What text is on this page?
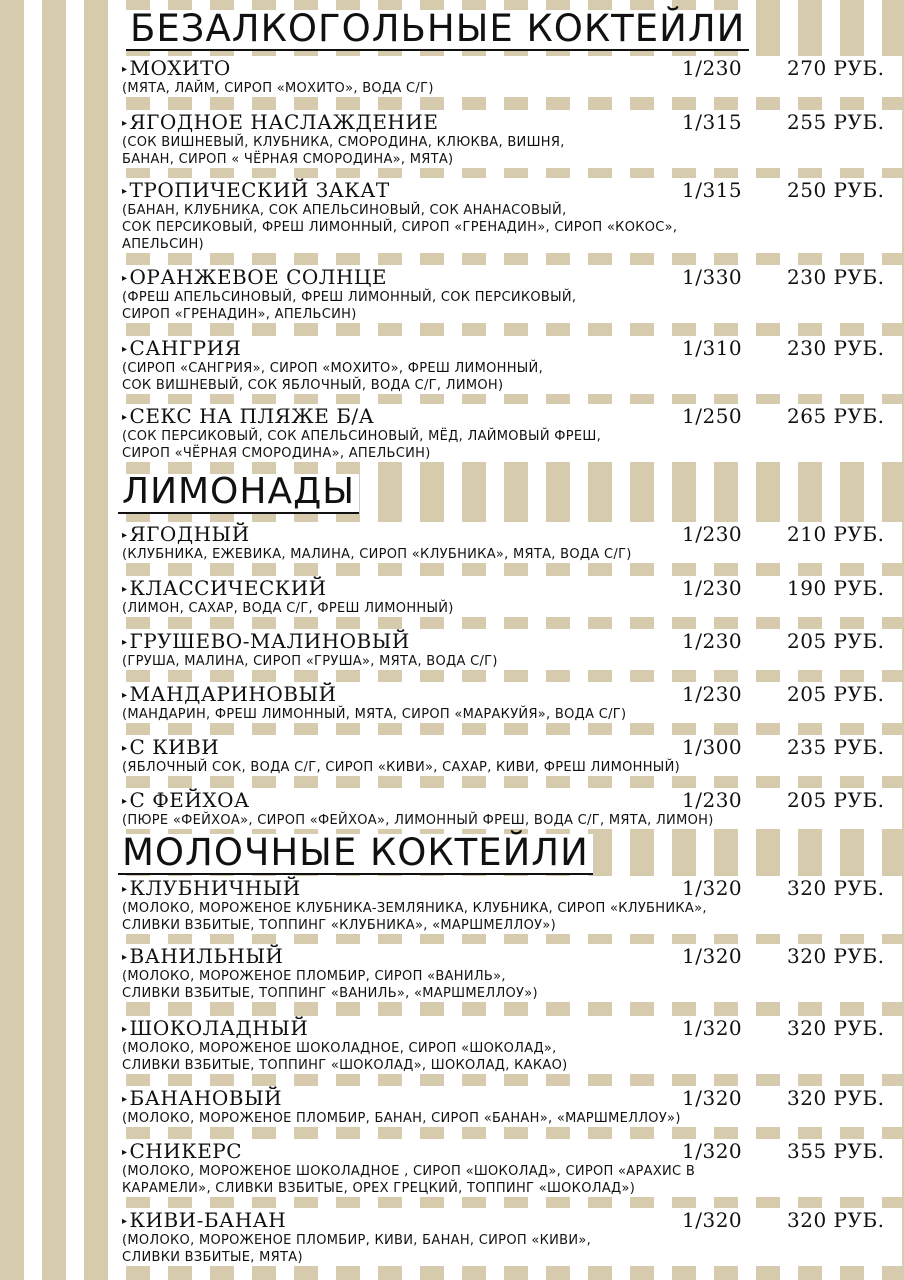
БЕЗАЛКОГОЛЬНЫЕ КОКТЕЙЛИ
▸ МОХИТО	1/230 270 РУБ.
(МЯТА, ЛАЙМ, СИРОП «МОХИТО», ВОДА С/Г)
▸ ЯГОДНОЕ НАСЛАЖДЕНИЕ	1/315 255 РУБ.
(СОК ВИШНЕВЫЙ, КЛУБНИКА, СМОРОДИНА, КЛЮКВА, ВИШНЯ,
БАНАН, СИРОП « ЧЁРНАЯ СМОРОДИНА», МЯТА)
▸ ТРОПИЧЕСКИЙ ЗАКАТ	1/315 250 РУБ.
(БАНАН, КЛУБНИКА, СОК АПЕЛЬСИНОВЫЙ, СОК АНАНАСОВЫЙ,
СОК ПЕРСИКОВЫЙ, ФРЕШ ЛИМОННЫЙ, СИРОП «ГРЕНАДИН», СИРОП «КОКОС»,
АПЕЛЬСИН)
▸ ОРАНЖЕВОЕ СОЛНЦЕ	1/330 230 РУБ.
(ФРЕШ АПЕЛЬСИНОВЫЙ, ФРЕШ ЛИМОННЫЙ, СОК ПЕРСИКОВЫЙ,
СИРОП «ГРЕНАДИН», АПЕЛЬСИН)
▸ САНГРИЯ	1/310 230 РУБ.
(СИРОП «САНГРИЯ», СИРОП «МОХИТО», ФРЕШ ЛИМОННЫЙ,
СОК ВИШНЕВЫЙ, СОК ЯБЛОЧНЫЙ, ВОДА С/Г, ЛИМОН)
▸ СЕКС НА ПЛЯЖЕ Б/А	1/250 265 РУБ.
(СОК ПЕРСИКОВЫЙ, СОК АПЕЛЬСИНОВЫЙ, МЁД, ЛАЙМОВЫЙ ФРЕШ,
СИРОП «ЧЁРНАЯ СМОРОДИНА», АПЕЛЬСИН)
ЛИМОНАДЫ
▸ ЯГОДНЫЙ	1/230 210 РУБ.
(КЛУБНИКА, ЕЖЕВИКА, МАЛИНА, СИРОП «КЛУБНИКА», МЯТА, ВОДА С/Г)
▸ КЛАССИЧЕСКИЙ	1/230 190 РУБ.
(ЛИМОН, САХАР, ВОДА С/Г, ФРЕШ ЛИМОННЫЙ)
▸ ГРУШЕВО-МАЛИНОВЫЙ	1/230 205 РУБ.
(ГРУША, МАЛИНА, СИРОП «ГРУША», МЯТА, ВОДА С/Г)
▸ МАНДАРИНОВЫЙ	1/230 205 РУБ.
(МАНДАРИН, ФРЕШ ЛИМОННЫЙ, МЯТА, СИРОП «МАРАКУЙЯ», ВОДА С/Г)
▸ С КИВИ	1/300 235 РУБ.
(ЯБЛОЧНЫЙ СОК, ВОДА С/Г, СИРОП «КИВИ», САХАР, КИВИ, ФРЕШ ЛИМОННЫЙ)
▸ С ФЕЙХОА	1/230 205 РУБ.
(ПЮРЕ «ФЕЙХОА», СИРОП «ФЕЙХОА», ЛИМОННЫЙ ФРЕШ, ВОДА С/Г, МЯТА, ЛИМОН)
МОЛОЧНЫЕ КОКТЕЙЛИ
▸ КЛУБНИЧНЫЙ	1/320 320 РУБ.
(МОЛОКО, МОРОЖЕНОЕ КЛУБНИКА-ЗЕМЛЯНИКА, КЛУБНИКА, СИРОП «КЛУБНИКА»,
СЛИВКИ ВЗБИТЫЕ, ТОППИНГ «КЛУБНИКА», «МАРШМЕЛЛОУ»)
▸ ВАНИЛЬНЫЙ	1/320 320 РУБ.
(МОЛОКО, МОРОЖЕНОЕ ПЛОМБИР, СИРОП «ВАНИЛЬ»,
СЛИВКИ ВЗБИТЫЕ, ТОППИНГ «ВАНИЛЬ», «МАРШМЕЛЛОУ»)
▸ ШОКОЛАДНЫЙ	1/320 320 РУБ.
(МОЛОКО, МОРОЖЕНОЕ ШОКОЛАДНОЕ, СИРОП «ШОКОЛАД»,
СЛИВКИ ВЗБИТЫЕ, ТОППИНГ «ШОКОЛАД», ШОКОЛАД, КАКАО)
▸ БАНАНОВЫЙ	1/320 320 РУБ.
(МОЛОКО, МОРОЖЕНОЕ ПЛОМБИР, БАНАН, СИРОП «БАНАН», «МАРШМЕЛЛОУ»)
▸ СНИКЕРС	1/320 355 РУБ.
(МОЛОКО, МОРОЖЕНОЕ ШОКОЛАДНОЕ , СИРОП «ШОКОЛАД», СИРОП «АРАХИС В
КАРАМЕЛИ», СЛИВКИ ВЗБИТЫЕ, ОРЕХ ГРЕЦКИЙ, ТОППИНГ «ШОКОЛАД»)
▸ КИВИ-БАНАН	1/320 320 РУБ.
(МОЛОКО, МОРОЖЕНОЕ ПЛОМБИР, КИВИ, БАНАН, СИРОП «КИВИ»,
СЛИВКИ ВЗБИТЫЕ, МЯТА)
